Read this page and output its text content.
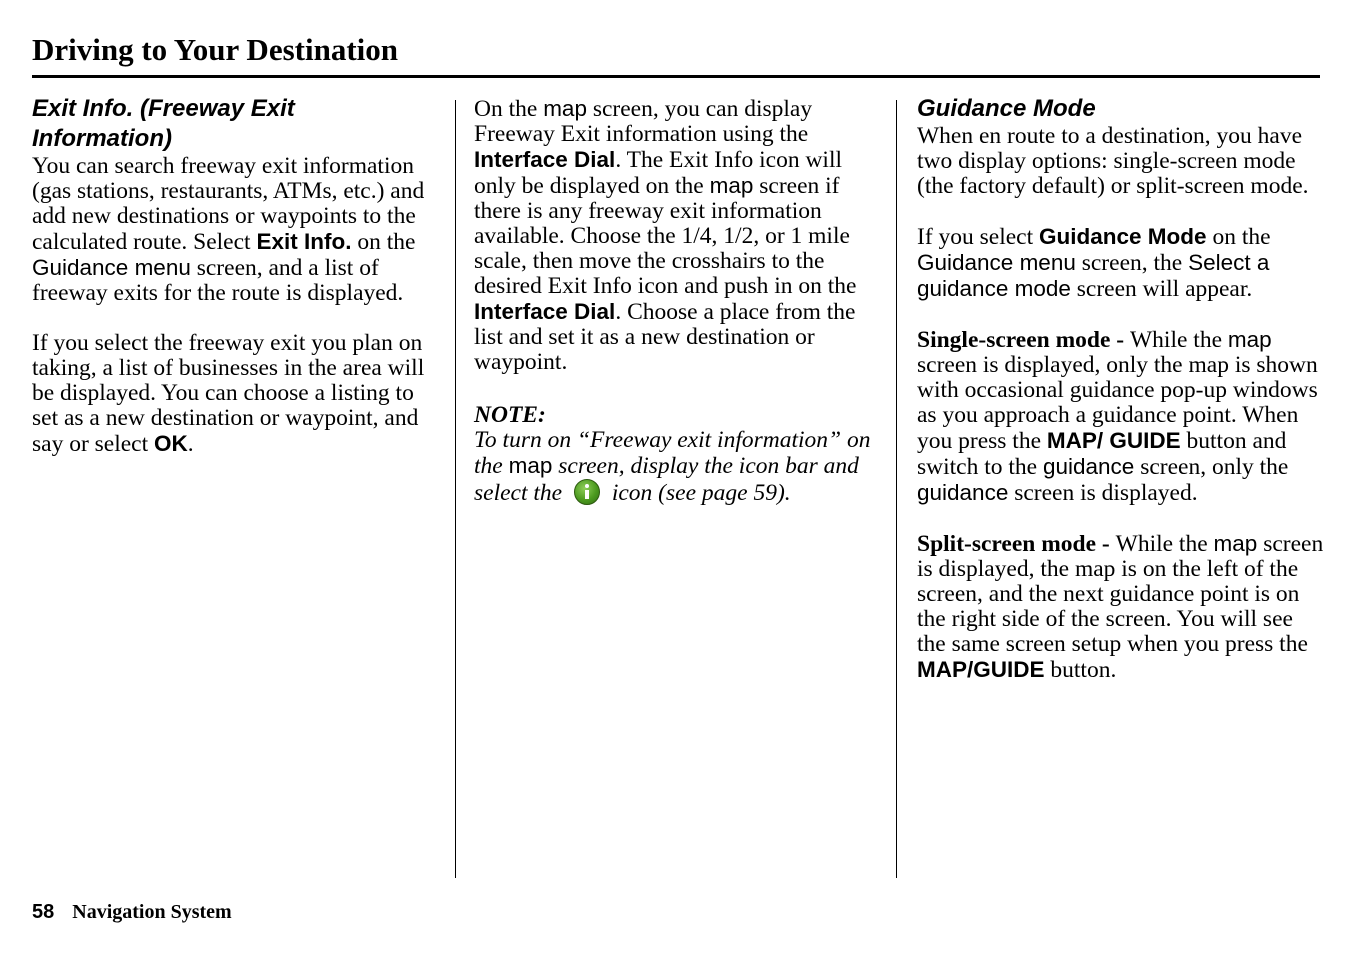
Driving to Your Destination
Exit Info. (Freeway Exit
Information)

You can search freeway exit information (gas stations, restaurants, ATMs, etc.) and add new destinations or waypoints to the calculated route. Select Exit Info. on the Guidance menu screen, and a list of freeway exits for the route is displayed.

If you select the freeway exit you plan on taking, a list of businesses in the area will be displayed. You can choose a listing to set as a new destination or waypoint, and say or select OK.

On the map screen, you can display Freeway Exit information using the Interface Dial. The Exit Info icon will only be displayed on the map screen if there is any freeway exit information available. Choose the 1/4, 1/2, or 1 mile scale, then move the crosshairs to the desired Exit Info icon and push in on the Interface Dial. Choose a place from the list and set it as a new destination or waypoint.

NOTE:

To turn on “Freeway exit information” on the map screen, display the icon bar and select the  icon (see page 59).

Guidance Mode

When en route to a destination, you have two display options: single-screen mode (the factory default) or split-screen mode.

If you select Guidance Mode on the Guidance menu screen, the Select a guidance mode screen will appear.

Single-screen mode - While the map screen is displayed, only the map is shown with occasional guidance pop-up windows as you approach a guidance point. When you press the MAP/ GUIDE button and switch to the guidance screen, only the guidance screen is displayed.

Split-screen mode - While the map screen is displayed, the map is on the left of the screen, and the next guidance point is on the right side of the screen. You will see the same screen setup when you press the MAP/GUIDE button.

58 Navigation System
